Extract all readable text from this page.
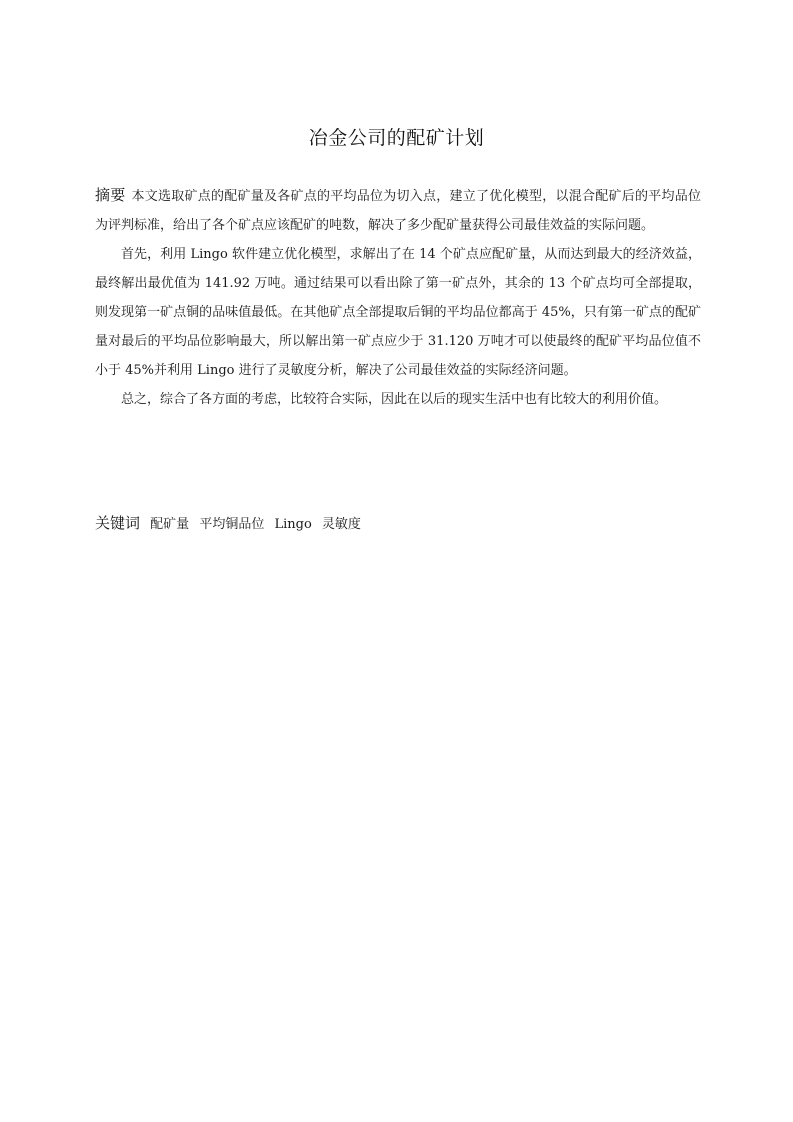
冶金公司的配矿计划

摘要 本文选取矿点的配矿量及各矿点的平均品位为切入点，建立了优化模型，以混合配矿后的平均品位为评判标准，给出了各个矿点应该配矿的吨数，解决了多少配矿量获得公司最佳效益的实际问题。

首先，利用 Lingo 软件建立优化模型，求解出了在 14 个矿点应配矿量，从而达到最大的经济效益，最终解出最优值为 141.92 万吨。通过结果可以看出除了第一矿点外，其余的 13 个矿点均可全部提取，则发现第一矿点铜的品味值最低。在其他矿点全部提取后铜的平均品位都高于 45%，只有第一矿点的配矿量对最后的平均品位影响最大，所以解出第一矿点应少于 31.120 万吨才可以使最终的配矿平均品位值不小于 45%并利用 Lingo 进行了灵敏度分析，解决了公司最佳效益的实际经济问题。

总之，综合了各方面的考虑，比较符合实际，因此在以后的现实生活中也有比较大的利用价值。

关键词 配矿量 平均铜品位 Lingo 灵敏度
